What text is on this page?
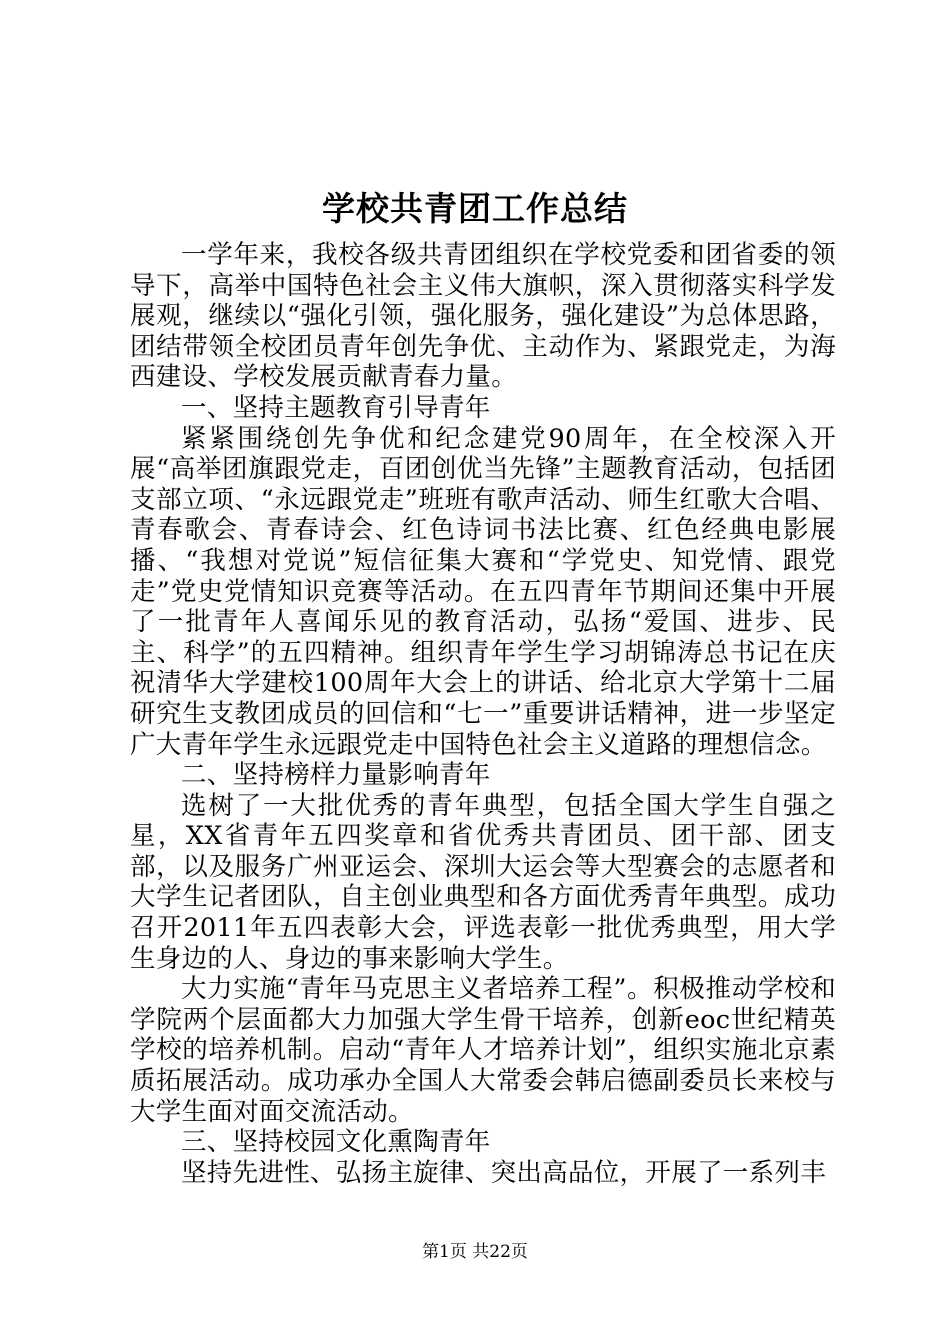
学校共青团工作总结

一学年来，我校各级共青团组织在学校党委和团省委的领导下，高举中国特色社会主义伟大旗帜，深入贯彻落实科学发展观，继续以“强化引领，强化服务，强化建设”为总体思路，团结带领全校团员青年创先争优、主动作为、紧跟党走，为海西建设、学校发展贡献青春力量。

一、坚持主题教育引导青年

紧紧围绕创先争优和纪念建党90周年，在全校深入开展“高举团旗跟党走，百团创优当先锋”主题教育活动，包括团支部立项、“永远跟党走”班班有歌声活动、师生红歌大合唱、青春歌会、青春诗会、红色诗词书法比赛、红色经典电影展播、“我想对党说”短信征集大赛和“学党史、知党情、跟党走”党史党情知识竞赛等活动。在五四青年节期间还集中开展了一批青年人喜闻乐见的教育活动，弘扬“爱国、进步、民主、科学”的五四精神。组织青年学生学习胡锦涛总书记在庆祝清华大学建校100周年大会上的讲话、给北京大学第十二届研究生支教团成员的回信和“七一”重要讲话精神，进一步坚定广大青年学生永远跟党走中国特色社会主义道路的理想信念。

二、坚持榜样力量影响青年

选树了一大批优秀的青年典型，包括全国大学生自强之星，XX省青年五四奖章和省优秀共青团员、团干部、团支部，以及服务广州亚运会、深圳大运会等大型赛会的志愿者和大学生记者团队，自主创业典型和各方面优秀青年典型。成功召开2011年五四表彰大会，评选表彰一批优秀典型，用大学生身边的人、身边的事来影响大学生。

大力实施“青年马克思主义者培养工程”。积极推动学校和学院两个层面都大力加强大学生骨干培养，创新eoc世纪精英学校的培养机制。启动“青年人才培养计划”，组织实施北京素质拓展活动。成功承办全国人大常委会韩启德副委员长来校与大学生面对面交流活动。

三、坚持校园文化熏陶青年

坚持先进性、弘扬主旋律、突出高品位，开展了一系列丰

第1页 共22页
